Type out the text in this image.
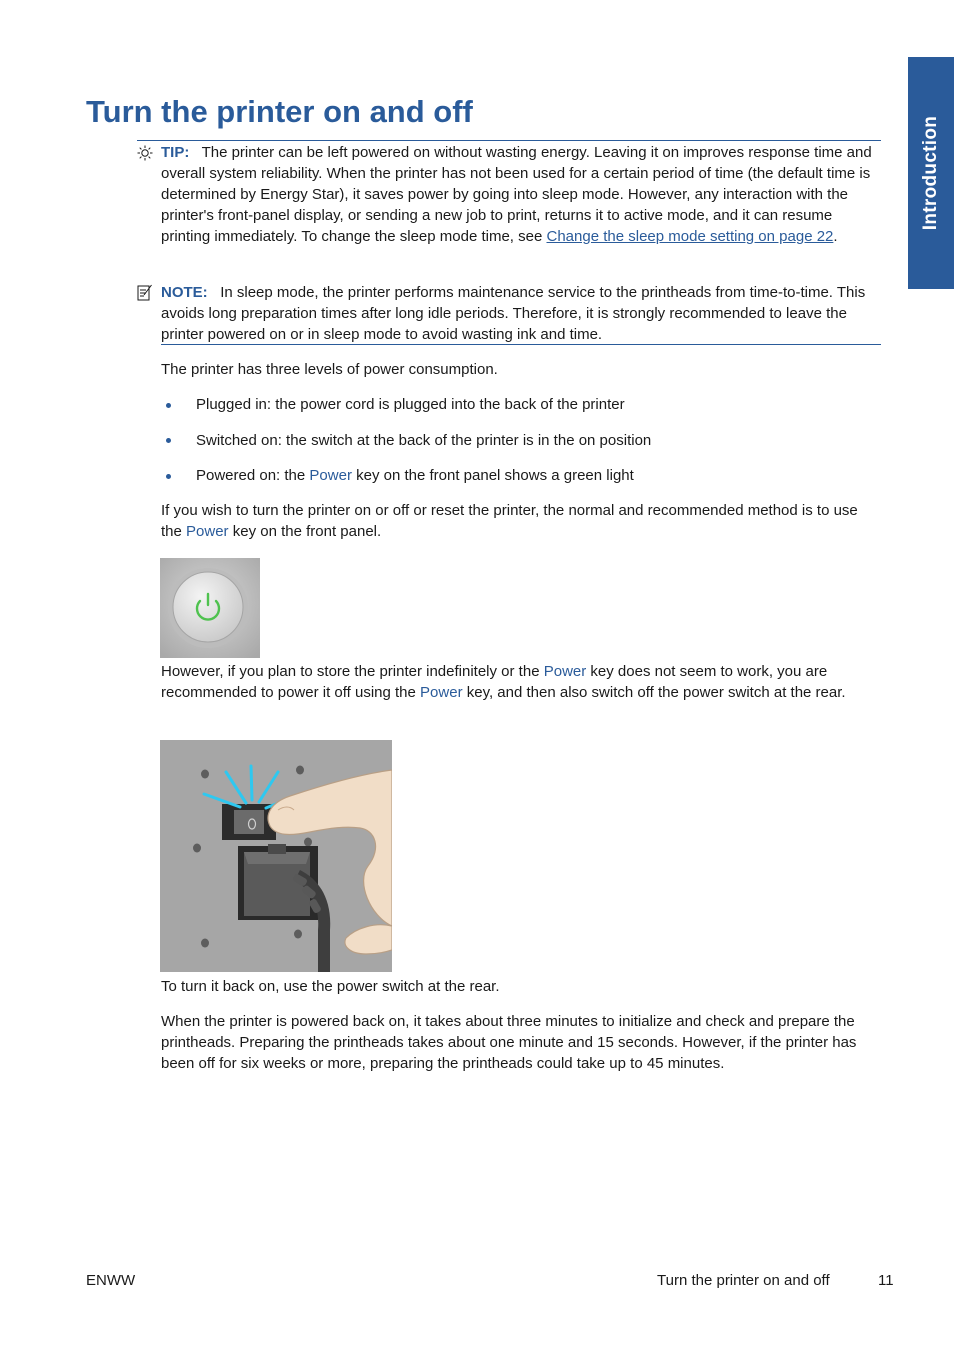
Introduction
Turn the printer on and off

TIP: The printer can be left powered on without wasting energy. Leaving it on improves response time and overall system reliability. When the printer has not been used for a certain period of time (the default time is determined by Energy Star), it saves power by going into sleep mode. However, any interaction with the printer's front-panel display, or sending a new job to print, returns it to active mode, and it can resume printing immediately. To change the sleep mode time, see Change the sleep mode setting on page 22.

NOTE: In sleep mode, the printer performs maintenance service to the printheads from time-to-time. This avoids long preparation times after long idle periods. Therefore, it is strongly recommended to leave the printer powered on or in sleep mode to avoid wasting ink and time.

The printer has three levels of power consumption.

Plugged in: the power cord is plugged into the back of the printer

Switched on: the switch at the back of the printer is in the on position

Powered on: the Power key on the front panel shows a green light

If you wish to turn the printer on or off or reset the printer, the normal and recommended method is to use the Power key on the front panel.

However, if you plan to store the printer indefinitely or the Power key does not seem to work, you are recommended to power it off using the Power key, and then also switch off the power switch at the rear.

To turn it back on, use the power switch at the rear.

When the printer is powered back on, it takes about three minutes to initialize and check and prepare the printheads. Preparing the printheads takes about one minute and 15 seconds. However, if the printer has been off for six weeks or more, preparing the printheads could take up to 45 minutes.

ENWW	Turn the printer on and off	11
